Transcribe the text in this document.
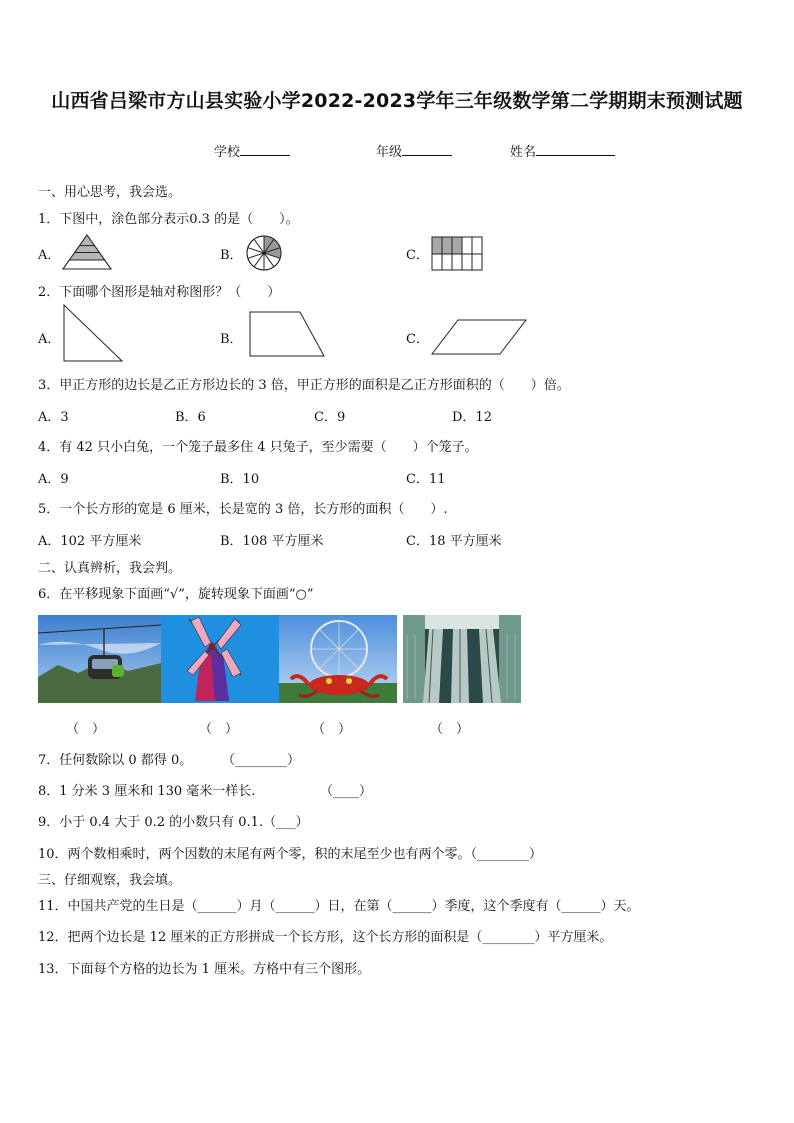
山西省吕梁市方山县实验小学2022-2023学年三年级数学第二学期期末预测试题
学校	年级	姓名
一、用心思考，我会选。
1．下图中，涂色部分表示0.3 的是（　　）。
A．	B．	C．
2．下面哪个图形是轴对称图形？（　　）
A．	B．	C．
3．甲正方形的边长是乙正方形边长的 3 倍，甲正方形的面积是乙正方形面积的（　　）倍。
A．3	B．6	C．9	D．12
4．有 42 只小白兔，一个笼子最多住 4 只兔子，至少需要（　　）个笼子。
A．9	B．10	C．11
5．一个长方形的宽是 6 厘米，长是宽的 3 倍，长方形的面积（　　）.
A．102 平方厘米	B．108 平方厘米	C．18 平方厘米
二、认真辨析，我会判。
6．在平移现象下面画“√”，旋转现象下面画“○”
（　）	（　）	（　）	（　）
7．任何数除以 0 都得 0。 （________）
8．1 分米 3 厘米和 130 毫米一样长.	（____）
9．小于 0.4 大于 0.2 的小数只有 0.1.（___）
10．两个数相乘时，两个因数的末尾有两个零，积的末尾至少也有两个零。（________）
三、仔细观察，我会填。
11．中国共产党的生日是（______）月（______）日，在第（______）季度，这个季度有（______）天。
12．把两个边长是 12 厘米的正方形拼成一个长方形，这个长方形的面积是（________）平方厘米。
13．下面每个方格的边长为 1 厘米。方格中有三个图形。
